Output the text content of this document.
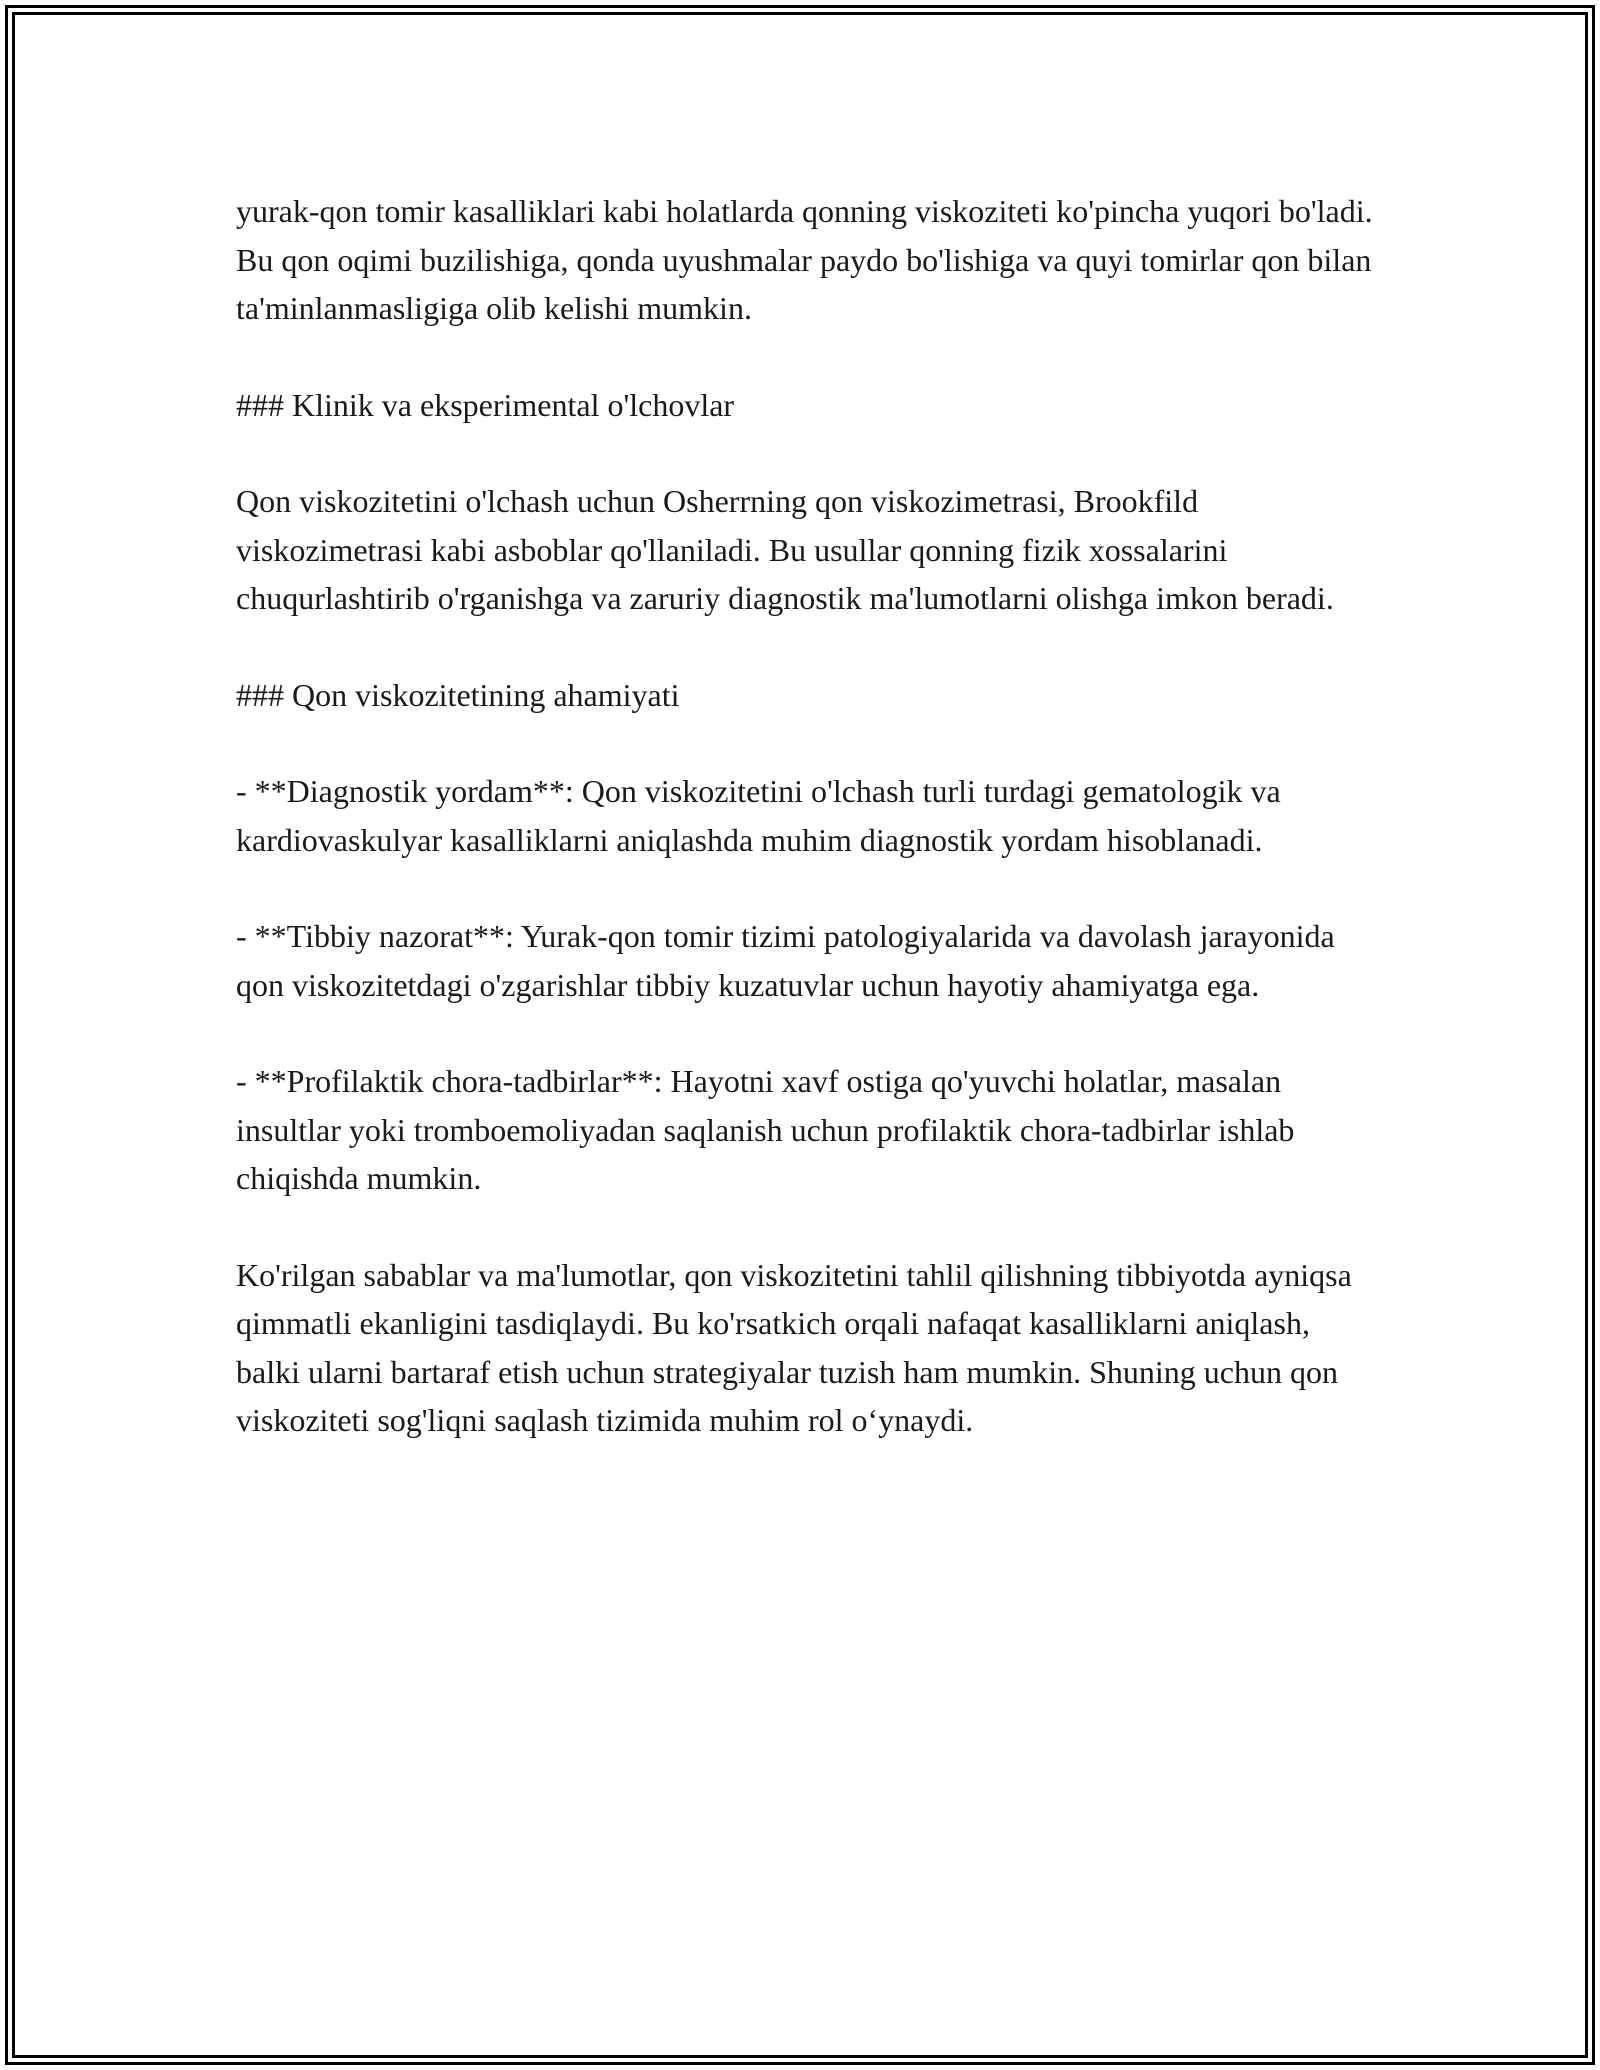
yurak-qon tomir kasalliklari kabi holatlarda qonning viskoziteti ko'pincha yuqori bo'ladi. Bu qon oqimi buzilishiga, qonda uyushmalar paydo bo'lishiga va quyi tomirlar qon bilan ta'minlanmasligiga olib kelishi mumkin.

### Klinik va eksperimental o'lchovlar

Qon viskozitetini o'lchash uchun Osherrning qon viskozimetrasi, Brookfild viskozimetrasi kabi asboblar qo'llaniladi. Bu usullar qonning fizik xossalarini chuqurlashtirib o'rganishga va zaruriy diagnostik ma'lumotlarni olishga imkon beradi.

### Qon viskozitetining ahamiyati

- **Diagnostik yordam**: Qon viskozitetini o'lchash turli turdagi gematologik va kardiovaskulyar kasalliklarni aniqlashda muhim diagnostik yordam hisoblanadi.

- **Tibbiy nazorat**: Yurak-qon tomir tizimi patologiyalarida va davolash jarayonida qon viskozitetdagi o'zgarishlar tibbiy kuzatuvlar uchun hayotiy ahamiyatga ega.

- **Profilaktik chora-tadbirlar**: Hayotni xavf ostiga qo'yuvchi holatlar, masalan insultlar yoki tromboemoliyadan saqlanish uchun profilaktik chora-tadbirlar ishlab chiqishda mumkin.

Ko'rilgan sabablar va ma'lumotlar, qon viskozitetini tahlil qilishning tibbiyotda ayniqsa qimmatli ekanligini tasdiqlaydi. Bu ko'rsatkich orqali nafaqat kasalliklarni aniqlash, balki ularni bartaraf etish uchun strategiyalar tuzish ham mumkin. Shuning uchun qon viskoziteti sog'liqni saqlash tizimida muhim rol o‘ynaydi.
